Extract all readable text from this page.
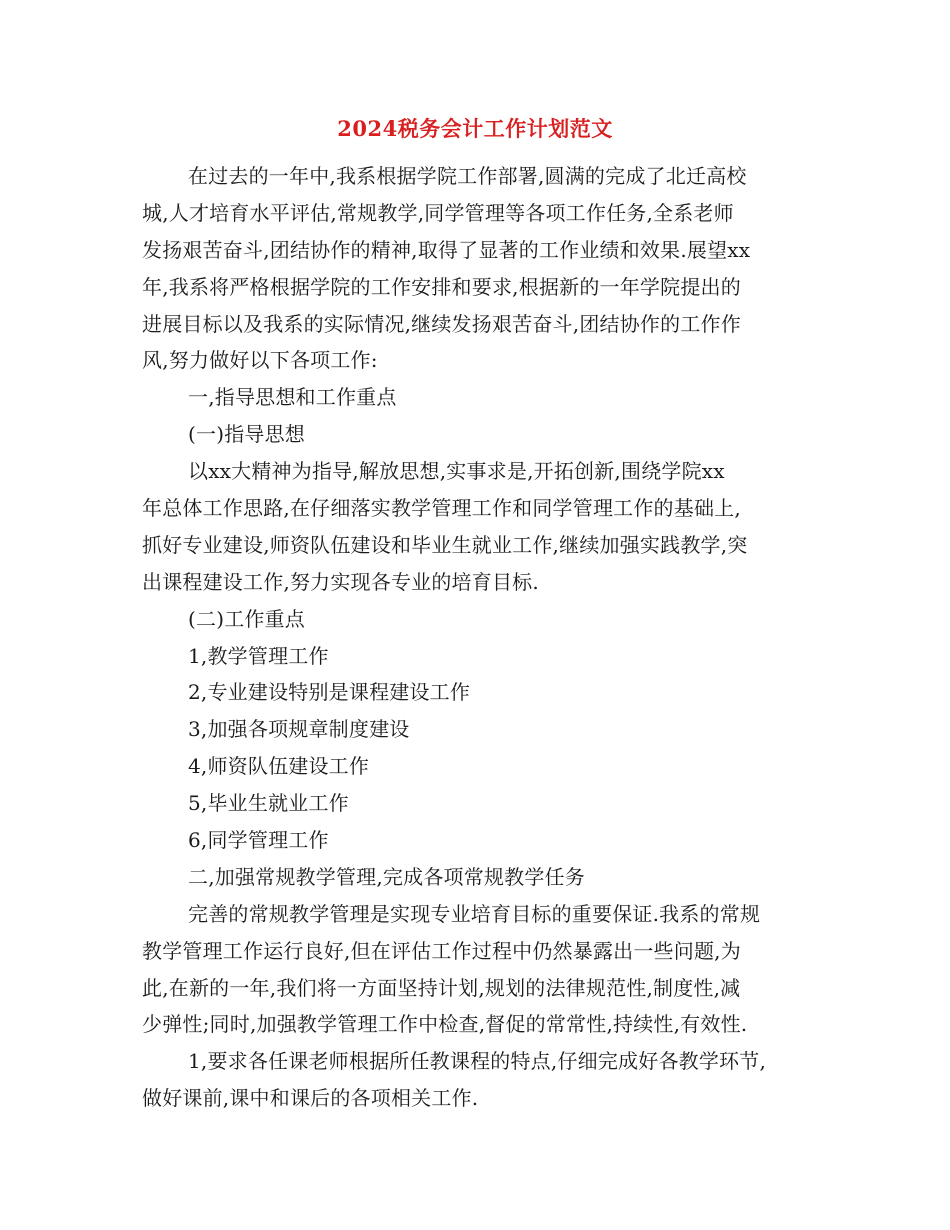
2024税务会计工作计划范文
在过去的一年中,我系根据学院工作部署,圆满的完成了北迁高校
城,人才培育水平评估,常规教学,同学管理等各项工作任务,全系老师
发扬艰苦奋斗,团结协作的精神,取得了显著的工作业绩和效果.展望xx
年,我系将严格根据学院的工作安排和要求,根据新的一年学院提出的
进展目标以及我系的实际情况,继续发扬艰苦奋斗,团结协作的工作作
风,努力做好以下各项工作:
一,指导思想和工作重点
(一)指导思想
以xx大精神为指导,解放思想,实事求是,开拓创新,围绕学院xx
年总体工作思路,在仔细落实教学管理工作和同学管理工作的基础上,
抓好专业建设,师资队伍建设和毕业生就业工作,继续加强实践教学,突
出课程建设工作,努力实现各专业的培育目标.
(二)工作重点
1,教学管理工作
2,专业建设特别是课程建设工作
3,加强各项规章制度建设
4,师资队伍建设工作
5,毕业生就业工作
6,同学管理工作
二,加强常规教学管理,完成各项常规教学任务
完善的常规教学管理是实现专业培育目标的重要保证.我系的常规
教学管理工作运行良好,但在评估工作过程中仍然暴露出一些问题,为
此,在新的一年,我们将一方面坚持计划,规划的法律规范性,制度性,减
少弹性;同时,加强教学管理工作中检查,督促的常常性,持续性,有效性.
1,要求各任课老师根据所任教课程的特点,仔细完成好各教学环节,
做好课前,课中和课后的各项相关工作.
